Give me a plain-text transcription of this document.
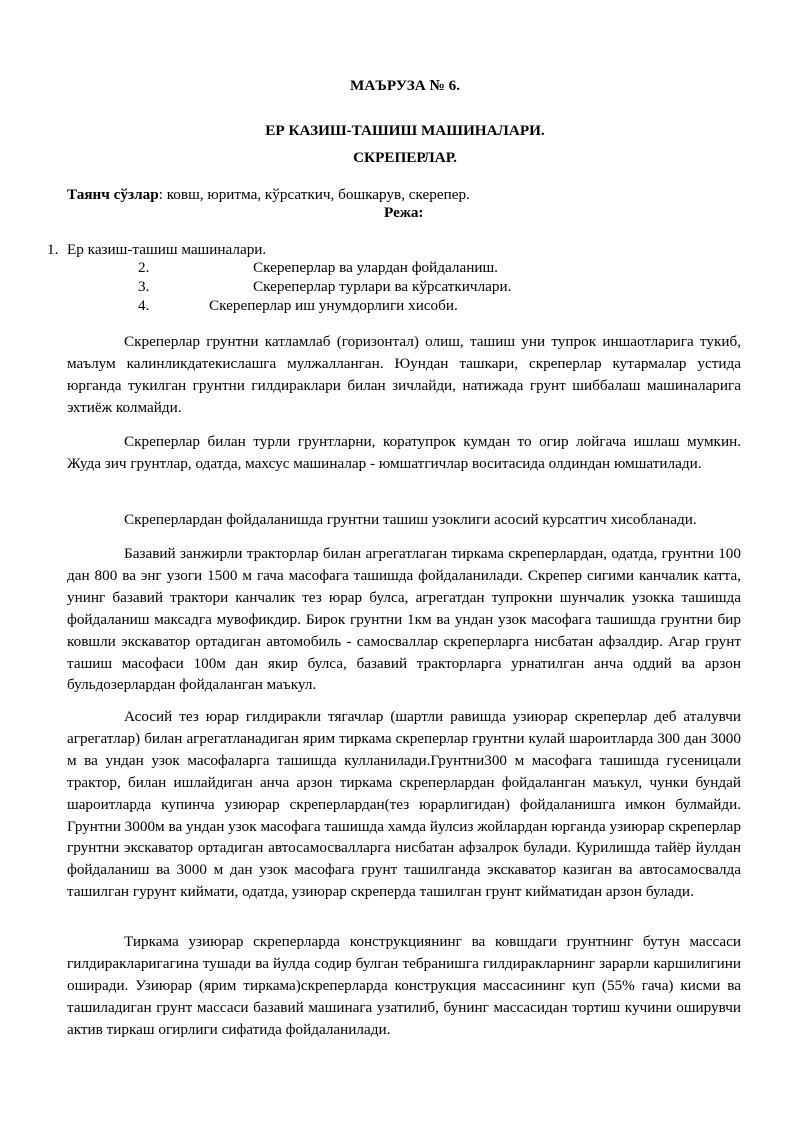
МАЪРУЗА № 6.
ЕР КАЗИШ-ТАШИШ МАШИНАЛАРИ.
СКРЕПЕРЛАР.
Таянч сўзлар: ковш, юритма, кўрсаткич, бошкарув, скерепер.
Режа:
1. Ер казиш-ташиш машиналари.
2.	Скереперлар ва улардан фойдаланиш.
3.	Скереперлар турлари ва кўрсаткичлари.
4.	Скереперлар иш унумдорлиги хисоби.

Скреперлар грунтни катламлаб (горизонтал) олиш, ташиш уни тупрок иншаотларига тукиб, маълум калинликдатекислашга мулжалланган. Юундан ташкари, скреперлар кутармалар устида юрганда тукилган грунтни гилдираклари билан зичлайди, натижада грунт шиббалаш машиналарига эхтиёж колмайди.

Скреперлар билан турли грунтларни, коратупрок кумдан то огир лойгача ишлаш мумкин. Жуда зич грунтлар, одатда, махсус машиналар - юмшатгичлар воситасида олдиндан юмшатилади.

Скреперлардан фойдаланишда грунтни ташиш узоклиги асосий курсатгич хисобланади.

Базавий занжирли тракторлар билан агрегатлаган тиркама скреперлардан, одатда, грунтни 100 дан 800 ва энг узоги 1500 м гача масофага ташишда фойдаланилади. Скрепер сигими канчалик катта, унинг базавий трактори канчалик тез юрар булса, агрегатдан тупрокни шунчалик узокка ташишда фойдаланиш максадга мувофикдир. Бирок грунтни 1км ва ундан узок масофага ташишда грунтни бир ковшли экскаватор ортадиган автомобиль - самосваллар скреперларга нисбатан афзалдир. Агар грунт ташиш масофаси 100м дан якир булса, базавий тракторларга урнатилган анча оддий ва арзон бульдозерлардан фойдаланган маъкул.

Асосий тез юрар гилдиракли тягачлар (шартли равишда узиюрар скреперлар деб аталувчи агрегатлар) билан агрегатланадиган ярим тиркама скреперлар грунтни кулай шароитларда 300 дан 3000 м ва ундан узок масофаларга ташишда кулланилади.Грунтни300 м масофага ташишда гусеницали трактор, билан ишлайдиган анча арзон тиркама скреперлардан фойдаланган маъкул, чунки бундай шароитларда купинча узиюрар скреперлардан(тез юрарлигидан) фойдаланишга имкон булмайди. Грунтни 3000м ва ундан узок масофага ташишда хамда йулсиз жойлардан юрганда узиюрар скреперлар грунтни экскаватор ортадиган автосамосвалларга нисбатан афзалрок булади. Курилишда тайёр йулдан фойдаланиш ва 3000 м дан узок масофага грунт ташилганда экскаватор казиган ва автосамосвалда ташилган гурунт киймати, одатда, узиюрар скреперда ташилган грунт кийматидан арзон булади.

Тиркама узиюрар скреперларда конструкциянинг ва ковшдаги грунтнинг бутун массаси гилдиракларигагина тушади ва йулда содир булган тебранишга гилдиракларнинг зарарли каршилигини оширади. Узиюрар (ярим тиркама)скреперларда конструкция массасининг куп (55% гача) кисми ва ташиладиган грунт массаси базавий машинага узатилиб, бунинг массасидан тортиш кучини оширувчи актив тиркаш огирлиги сифатида фойдаланилади.
